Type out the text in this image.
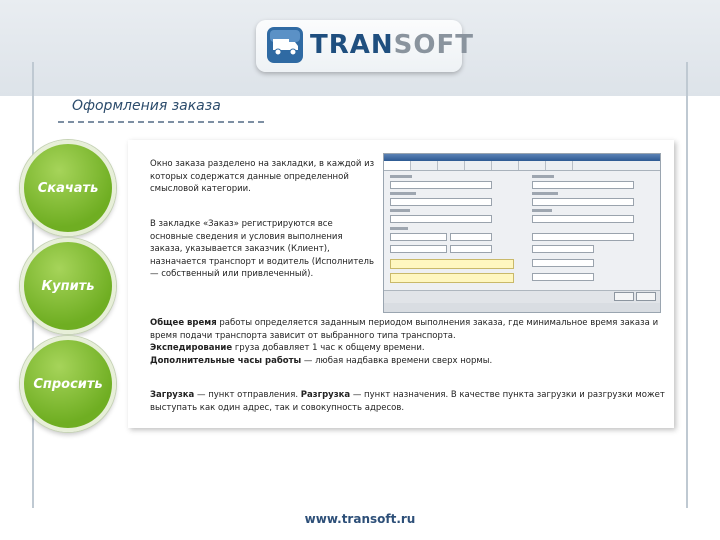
TRANSOFT
Оформления заказа
Скачать
Купить
Спросить
Окно заказа разделено на закладки, в каждой из которых содержатся данные определенной смысловой категории.
В закладке «Заказ» регистрируются все основные сведения и условия выполнения заказа, указывается заказчик (Клиент), назначается транспорт и водитель (Исполнитель — собственный или привлеченный).

Общее время работы определяется заданным периодом выполнения заказа, где минимальное время заказа и время подачи транспорта зависит от выбранного типа транспорта.

Экспедирование груза добавляет 1 час к общему времени.

Дополнительные часы работы — любая надбавка времени сверх нормы.

Загрузка — пункт отправления. Разгрузка — пункт назначения. В качестве пункта загрузки и разгрузки может выступать как один адрес, так и совокупность адресов.

www.transoft.ru
